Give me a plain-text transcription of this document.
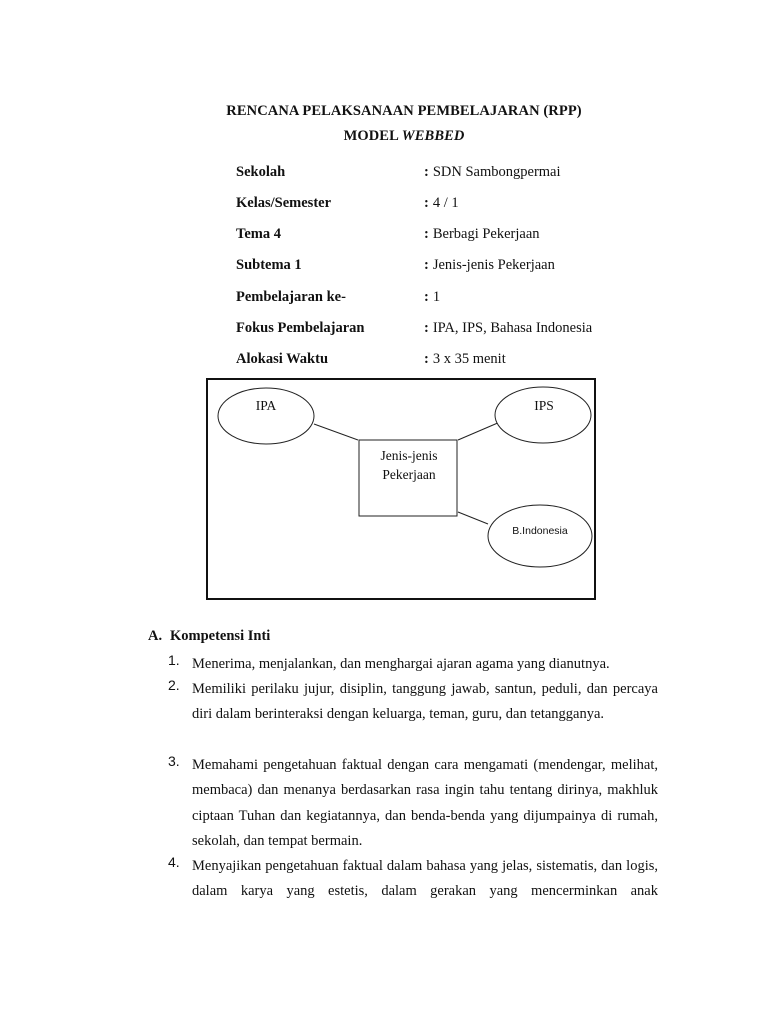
RENCANA PELAKSANAAN PEMBELAJARAN (RPP)
MODEL WEBBED
Sekolah	: SDN Sambongpermai
Kelas/Semester	: 4 / 1
Tema 4	: Berbagi Pekerjaan
Subtema 1	: Jenis-jenis Pekerjaan
Pembelajaran ke-	: 1
Fokus Pembelajaran	: IPA, IPS, Bahasa Indonesia
Alokasi Waktu	: 3 x 35 menit
IPA	IPS
Jenis-jenis
Pekerjaan
B.Indonesia
A. Kompetensi Inti
1. Menerima, menjalankan, dan menghargai ajaran agama yang dianutnya.
2. Memiliki perilaku jujur, disiplin, tanggung jawab, santun, peduli, dan percaya diri dalam berinteraksi dengan keluarga, teman, guru, dan tetangganya.
3. Memahami pengetahuan faktual dengan cara mengamati (mendengar, melihat, membaca) dan menanya berdasarkan rasa ingin tahu tentang dirinya, makhluk ciptaan Tuhan dan kegiatannya, dan benda-benda yang dijumpainya di rumah, sekolah, dan tempat bermain.
4. Menyajikan pengetahuan faktual dalam bahasa yang jelas, sistematis, dan logis, dalam karya yang estetis, dalam gerakan yang mencerminkan anak
